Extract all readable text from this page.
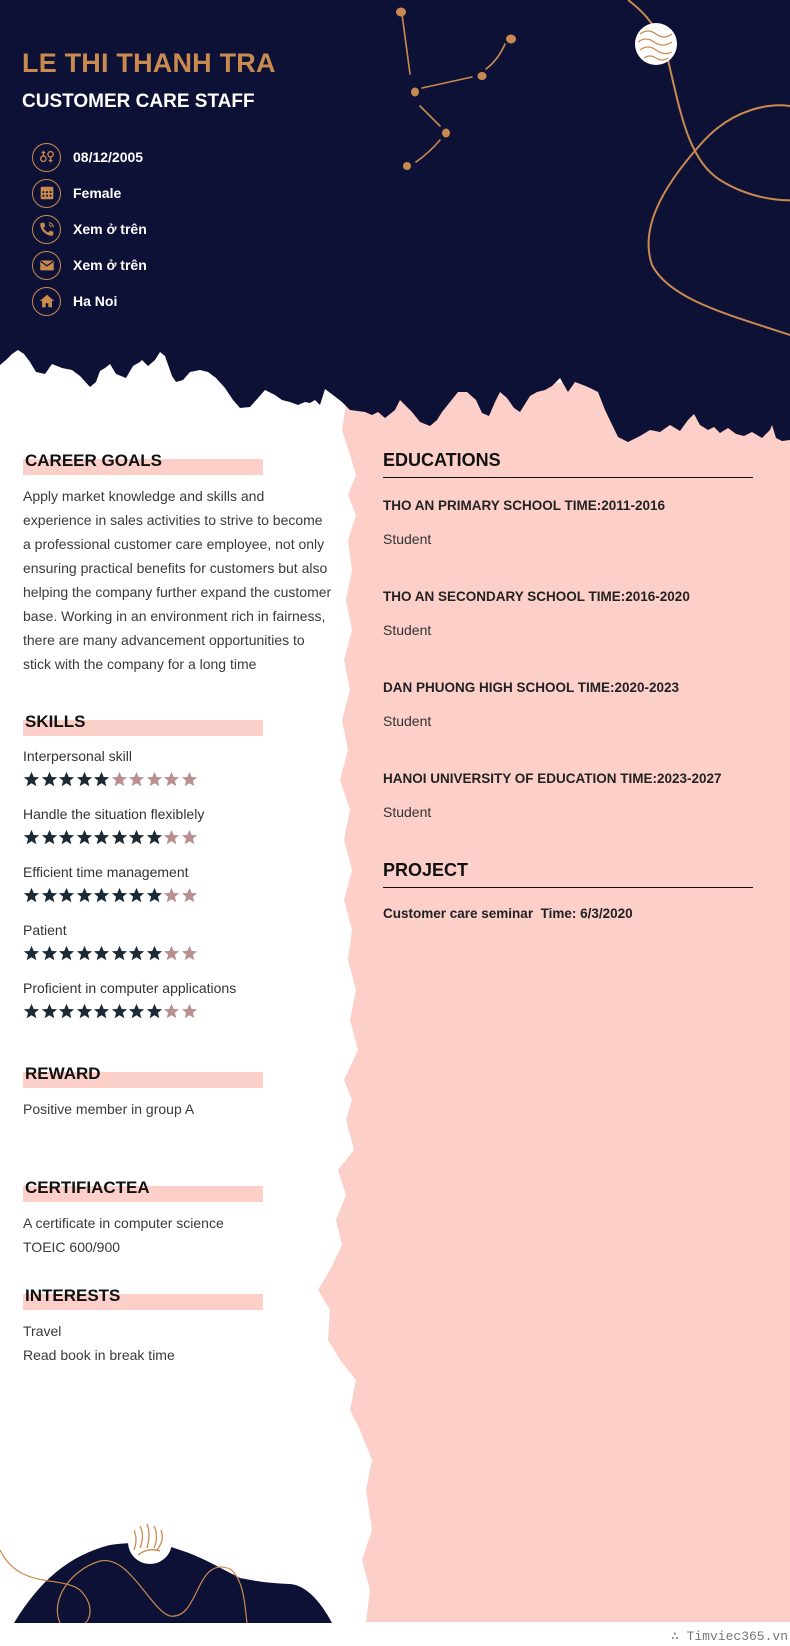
LE THI THANH TRA
CUSTOMER CARE STAFF
08/12/2005
Female
Xem ở trên
Xem ở trên
Ha Noi
CAREER GOALS

Apply market knowledge and skills and experience in sales activities to strive to become a professional customer care employee, not only ensuring practical benefits for customers but also helping the company further expand the customer base. Working in an environment rich in fairness, there are many advancement opportunities to stick with the company for a long time

SKILLS
Interpersonal skill
Handle the situation flexiblely
Efficient time management
Patient
Proficient in computer applications
REWARD

Positive member in group A

CERTIFIACTEA

A certificate in computer science

TOEIC 600/900

INTERESTS

Travel

Read book in break time

EDUCATIONS
THO AN PRIMARY SCHOOL TIME:2011-2016
Student
THO AN SECONDARY SCHOOL TIME:2016-2020
Student
DAN PHUONG HIGH SCHOOL TIME:2020-2023
Student
HANOI UNIVERSITY OF EDUCATION TIME:2023-2027
Student
PROJECT
Customer care seminar  Time: 6/3/2020
∴ Timviec365.vn
